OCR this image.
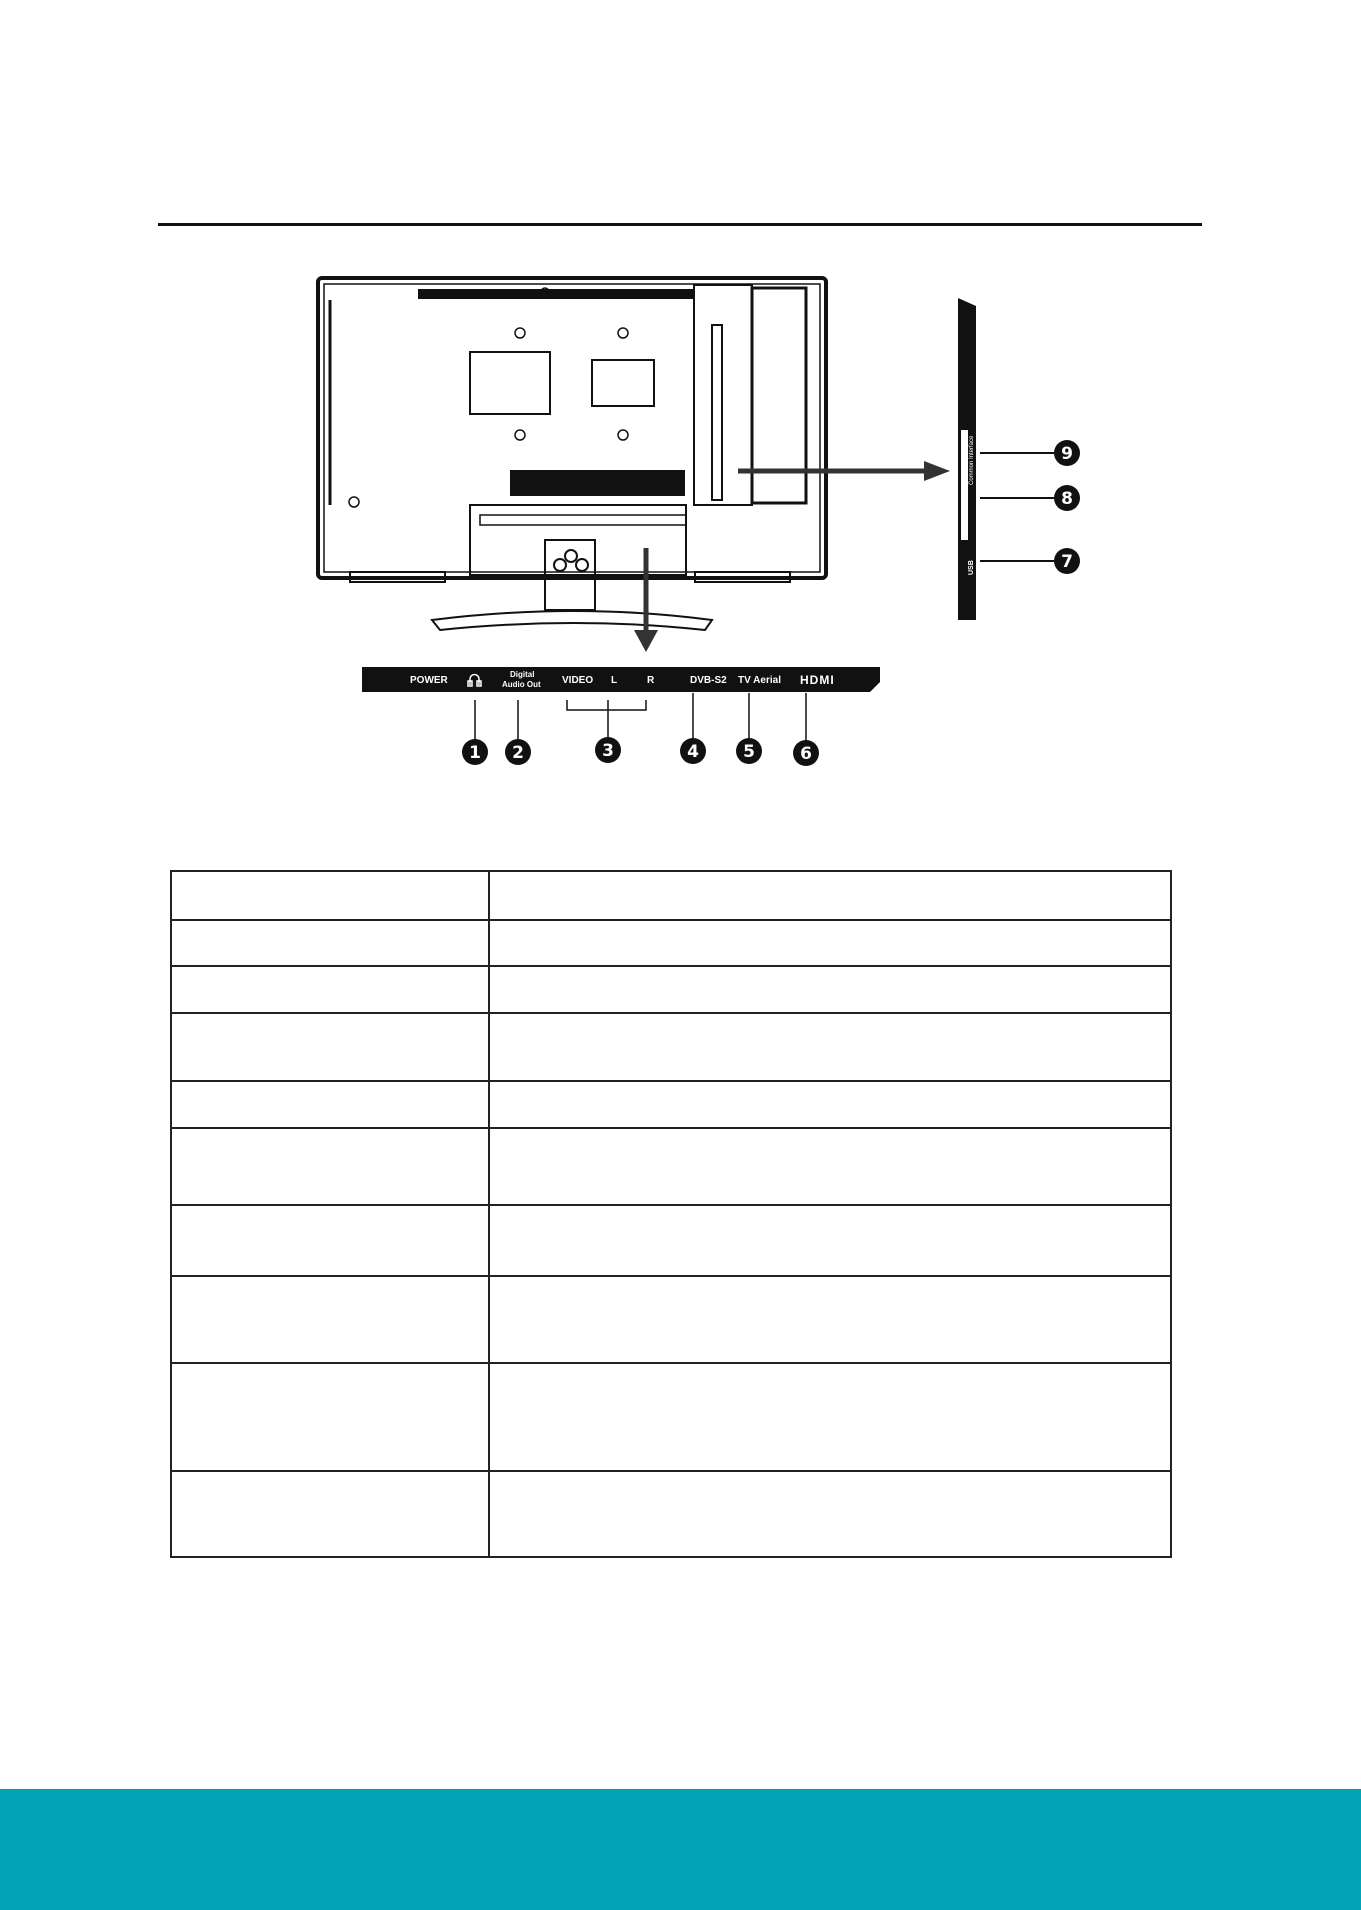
Common Interface
USB
POWER
Digital
Audio Out VIDEO L	R	DVB-S2 TV Aerial HDMI
1 2	3	4	5	6
7
8
9
